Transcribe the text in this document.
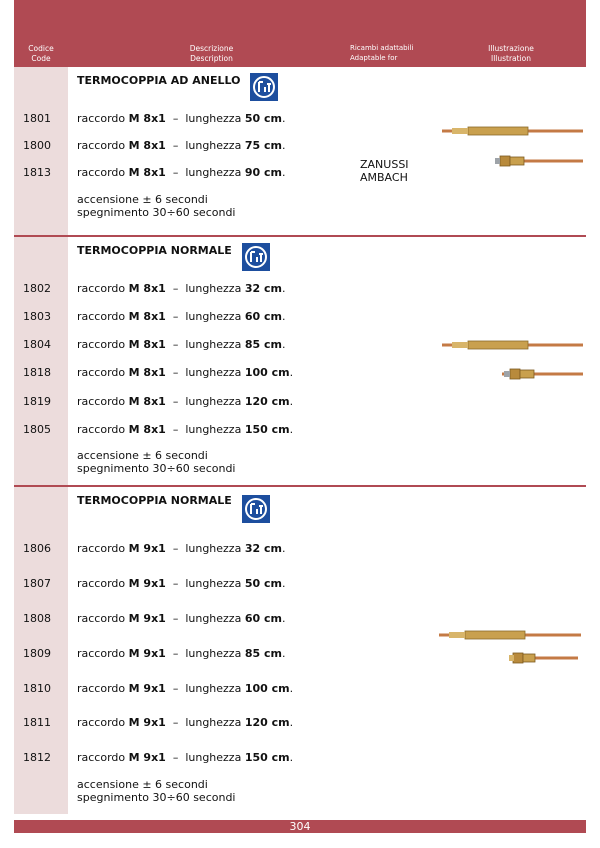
Codice
Code
Descrizione
Description
Ricambi adattabili
Adaptable for
Illustrazione
Illustration
TERMOCOPPIA AD ANELLO
1801	raccordo M 8x1  –  lunghezza 50 cm.
1800	raccordo M 8x1  –  lunghezza 75 cm.
1813	raccordo M 8x1  –  lunghezza 90 cm.
accensione ± 6 secondi
spegnimento 30÷60 secondi
ZANUSSI
AMBACH
TERMOCOPPIA NORMALE
1802	raccordo M 8x1  –  lunghezza 32 cm.
1803	raccordo M 8x1  –  lunghezza 60 cm.
1804	raccordo M 8x1  –  lunghezza 85 cm.
1818	raccordo M 8x1  –  lunghezza 100 cm.
1819	raccordo M 8x1  –  lunghezza 120 cm.
1805	raccordo M 8x1  –  lunghezza 150 cm.
accensione ± 6 secondi
spegnimento 30÷60 secondi
TERMOCOPPIA NORMALE
1806	raccordo M 9x1  –  lunghezza 32 cm.
1807	raccordo M 9x1  –  lunghezza 50 cm.
1808	raccordo M 9x1  –  lunghezza 60 cm.
1809	raccordo M 9x1  –  lunghezza 85 cm.
1810	raccordo M 9x1  –  lunghezza 100 cm.
1811	raccordo M 9x1  –  lunghezza 120 cm.
1812	raccordo M 9x1  –  lunghezza 150 cm.
accensione ± 6 secondi
spegnimento 30÷60 secondi
304
